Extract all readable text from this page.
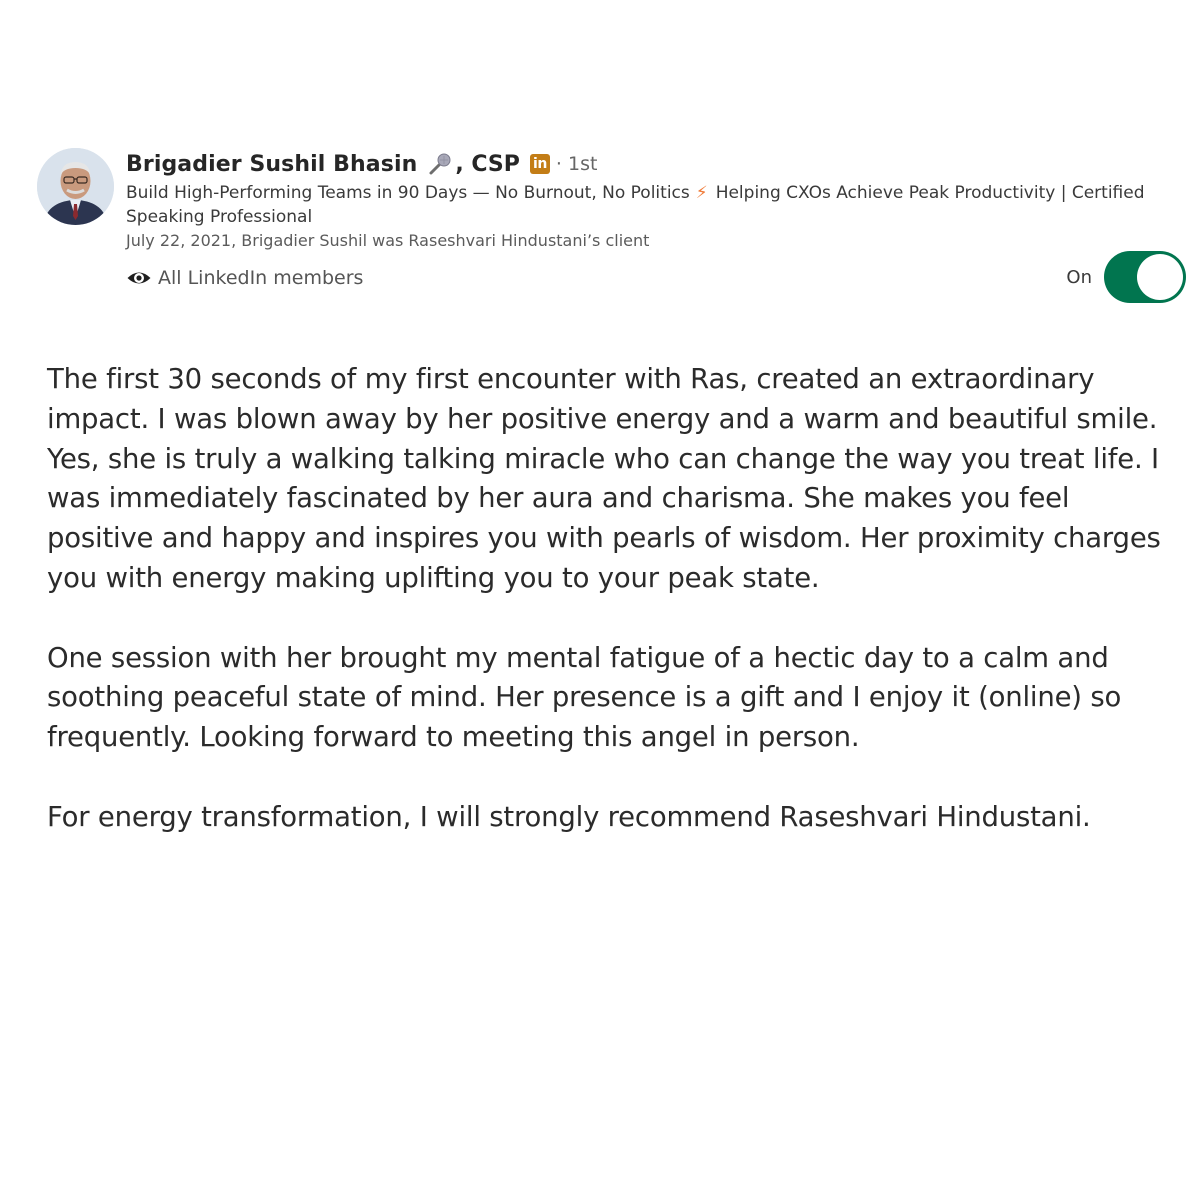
Brigadier Sushil Bhasin , CSP in · 1st
Build High-Performing Teams in 90 Days — No Burnout, No Politics ⚡ Helping CXOs Achieve Peak Productivity | Certified Speaking Professional
July 22, 2021, Brigadier Sushil was Raseshvari Hindustani’s client
All LinkedIn members	On

The first 30 seconds of my first encounter with Ras, created an extraordinary impact. I was blown away by her positive energy and a warm and beautiful smile. Yes, she is truly a walking talking miracle who can change the way you treat life. I was immediately fascinated by her aura and charisma. She makes you feel positive and happy and inspires you with pearls of wisdom. Her proximity charges you with energy making uplifting you to your peak state.

One session with her brought my mental fatigue of a hectic day to a calm and soothing peaceful state of mind. Her presence is a gift and I enjoy it (online) so frequently. Looking forward to meeting this angel in person.

For energy transformation, I will strongly recommend Raseshvari Hindustani.
